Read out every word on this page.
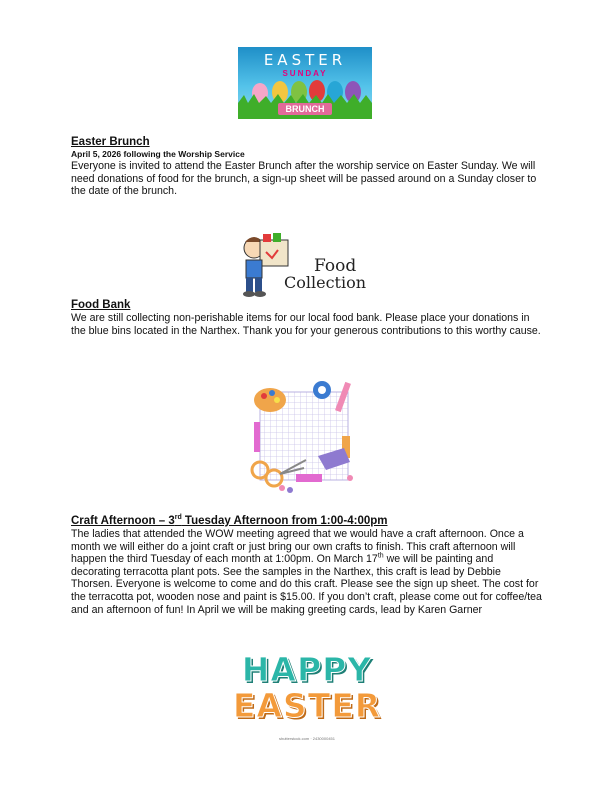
EASTER
SUNDAY
BRUNCH

Easter Brunch

April 5, 2026 following the Worship Service

Everyone is invited to attend the Easter Brunch after the worship service on Easter Sunday. We will need donations of food for the brunch, a sign-up sheet will be passed around on a Sunday closer to the date of the brunch.

Food
Collection

Food Bank

We are still collecting non-perishable items for our local food bank. Please place your donations in the blue bins located in the Narthex. Thank you for your generous contributions to this worthy cause.

Craft Afternoon – 3rd Tuesday Afternoon from 1:00-4:00pm

The ladies that attended the WOW meeting agreed that we would have a craft afternoon. Once a month we will either do a joint craft or just bring our own crafts to finish. This craft afternoon will happen the third Tuesday of each month at 1:00pm. On March 17th we will be painting and decorating terracotta plant pots. See the samples in the Narthex, this craft is lead by Debbie Thorsen. Everyone is welcome to come and do this craft. Please see the sign up sheet. The cost for the terracotta pot, wooden nose and paint is $15.00. If you don’t craft, please come out for coffee/tea and an afternoon of fun! In April we will be making greeting cards, lead by Karen Garner

HAPPY
EASTER
shutterstock.com · 2430000451
